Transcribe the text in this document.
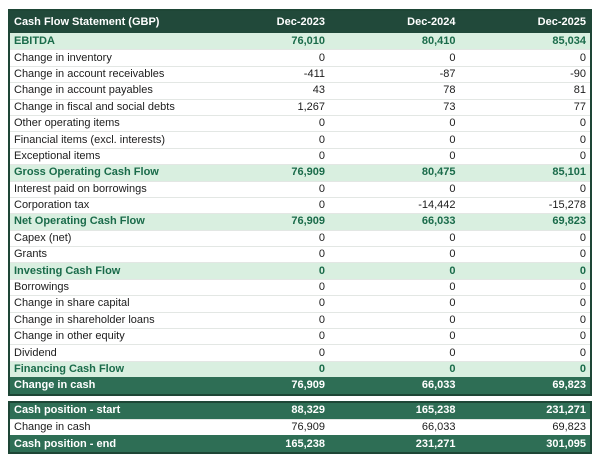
Cash Flow Statement (GBP)	Dec-2023	Dec-2024	Dec-2025
EBITDA	76,010	80,410	85,034
Change in inventory	0	0	0
Change in account receivables	-411	-87	-90
Change in account payables	43	78	81
Change in fiscal and social debts	1,267	73	77
Other operating items	0	0	0
Financial items (excl. interests)	0	0	0
Exceptional items	0	0	0
Gross Operating Cash Flow	76,909	80,475	85,101
Interest paid on borrowings	0	0	0
Corporation tax	0	-14,442	-15,278
Net Operating Cash Flow	76,909	66,033	69,823
Capex (net)	0	0	0
Grants	0	0	0
Investing Cash Flow	0	0	0
Borrowings	0	0	0
Change in share capital	0	0	0
Change in shareholder loans	0	0	0
Change in other equity	0	0	0
Dividend	0	0	0
Financing Cash Flow	0	0	0
Change in cash	76,909	66,033	69,823
Cash position - start	88,329	165,238	231,271
Change in cash	76,909	66,033	69,823
Cash position - end	165,238	231,271	301,095
